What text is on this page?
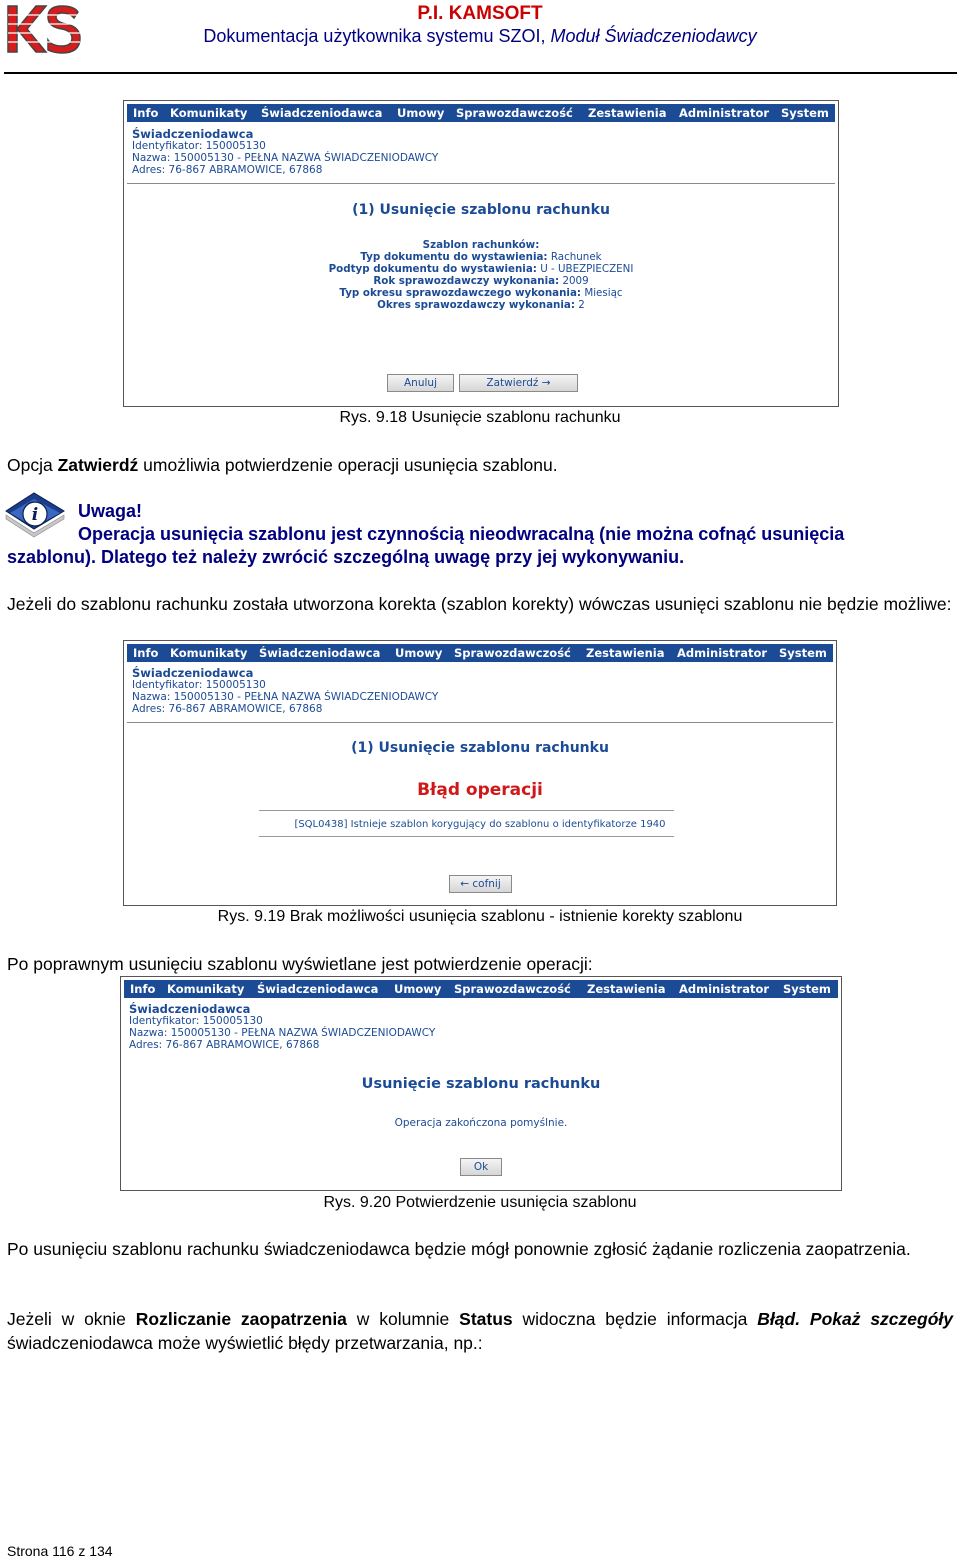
P.I. KAMSOFT
Dokumentacja użytkownika systemu SZOI, Moduł Świadczeniodawcy
Info Komunikaty Świadczeniodawca Umowy Sprawozdawczość Zestawienia Administrator System
Świadczeniodawca
Identyfikator: 150005130
Nazwa: 150005130 - PEŁNA NAZWA ŚWIADCZENIODAWCY
Adres: 76-867 ABRAMOWICE, 67868
(1) Usunięcie szablonu rachunku
Szablon rachunków:
Typ dokumentu do wystawienia: Rachunek
Podtyp dokumentu do wystawienia: U - UBEZPIECZENI
Rok sprawozdawczy wykonania: 2009
Typ okresu sprawozdawczego wykonania: Miesiąc
Okres sprawozdawczy wykonania: 2
Anuluj	Zatwierdź →
Rys. 9.18 Usunięcie szablonu rachunku
Opcja Zatwierdź umożliwia potwierdzenie operacji usunięcia szablonu.
i Uwaga!
Operacja usunięcia szablonu jest czynnością nieodwracalną (nie można cofnąć usunięcia
szablonu). Dlatego też należy zwrócić szczególną uwagę przy jej wykonywaniu.
Jeżeli do szablonu rachunku została utworzona korekta (szablon korekty) wówczas usunięci szablonu nie będzie możliwe:
Info Komunikaty Świadczeniodawca Umowy Sprawozdawczość Zestawienia Administrator System
Świadczeniodawca
Identyfikator: 150005130
Nazwa: 150005130 - PEŁNA NAZWA ŚWIADCZENIODAWCY
Adres: 76-867 ABRAMOWICE, 67868
(1) Usunięcie szablonu rachunku
Błąd operacji
[SQL0438] Istnieje szablon korygujący do szablonu o identyfikatorze 1940
← cofnij
Rys. 9.19 Brak możliwości usunięcia szablonu - istnienie korekty szablonu
Po poprawnym usunięciu szablonu wyświetlane jest potwierdzenie operacji:
Info Komunikaty Świadczeniodawca Umowy Sprawozdawczość Zestawienia Administrator System
Świadczeniodawca
Identyfikator: 150005130
Nazwa: 150005130 - PEŁNA NAZWA ŚWIADCZENIODAWCY
Adres: 76-867 ABRAMOWICE, 67868
Usunięcie szablonu rachunku
Operacja zakończona pomyślnie.
Ok
Rys. 9.20 Potwierdzenie usunięcia szablonu
Po usunięciu szablonu rachunku świadczeniodawca będzie mógł ponownie zgłosić żądanie rozliczenia zaopatrzenia.
Jeżeli w oknie Rozliczanie zaopatrzenia w kolumnie Status widoczna będzie informacja Błąd. Pokaż szczegóły świadczeniodawca może wyświetlić błędy przetwarzania, np.:
Strona 116 z 134
